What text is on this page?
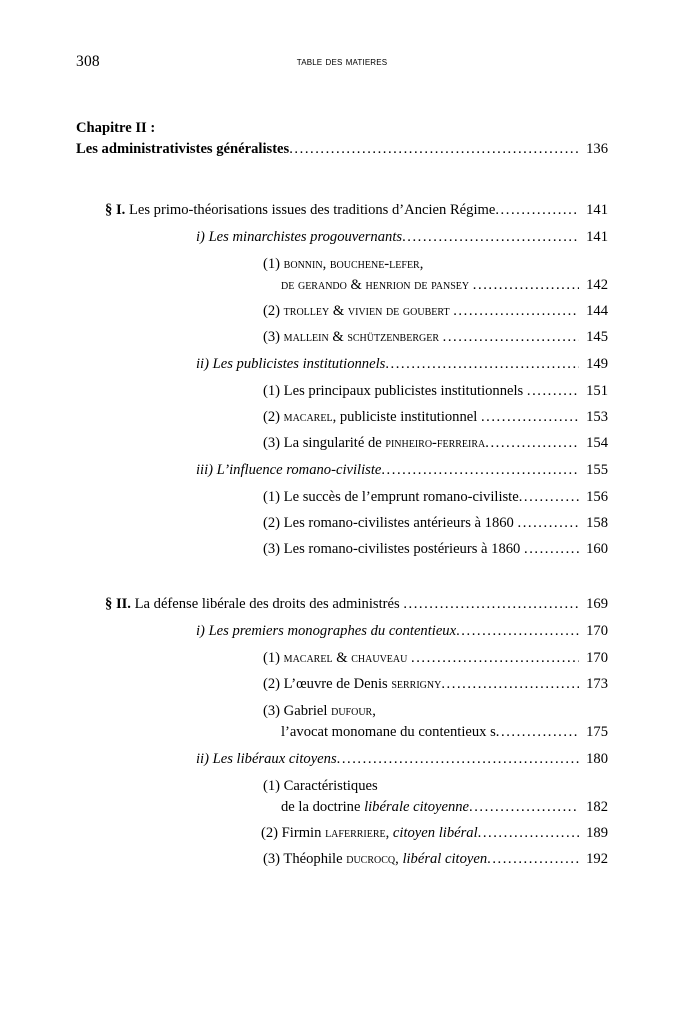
308	table des matieres
Chapitre II :
Les administrativistes généralistes .....	136
§ I. Les primo-théorisations issues des traditions d’Ancien Régime .....	141
i) Les minarchistes progouvernants .....	141
(1) bonnin, bouchene-lefer,
de gerando & henrion de pansey .....	142
(2) trolley & vivien de goubert .....	144
(3) mallein & schützenberger .....	145
ii) Les publicistes institutionnels .....	149
(1) Les principaux publicistes institutionnels .....	151
(2) macarel, publiciste institutionnel .....	153
(3) La singularité de pinheiro-ferreira .....	154
iii) L’influence romano-civiliste .....	155
(1) Le succès de l’emprunt romano-civiliste .....	156
(2) Les romano-civilistes antérieurs à 1860 .....	158
(3) Les romano-civilistes postérieurs à 1860 .....	160
§ II. La défense libérale des droits des administrés .....	169
i) Les premiers monographes du contentieux .....	170
(1) macarel & chauveau .....	170
(2) L’œuvre de Denis serrigny .....	173
(3) Gabriel dufour,
l’avocat monomane du contentieux s .....	175
ii) Les libéraux citoyens .....	180
(1) Caractéristiques
de la doctrine libérale citoyenne .....	182
(2) Firmin laferriere, citoyen libéral .....	189
(3) Théophile ducrocq, libéral citoyen .....	192
